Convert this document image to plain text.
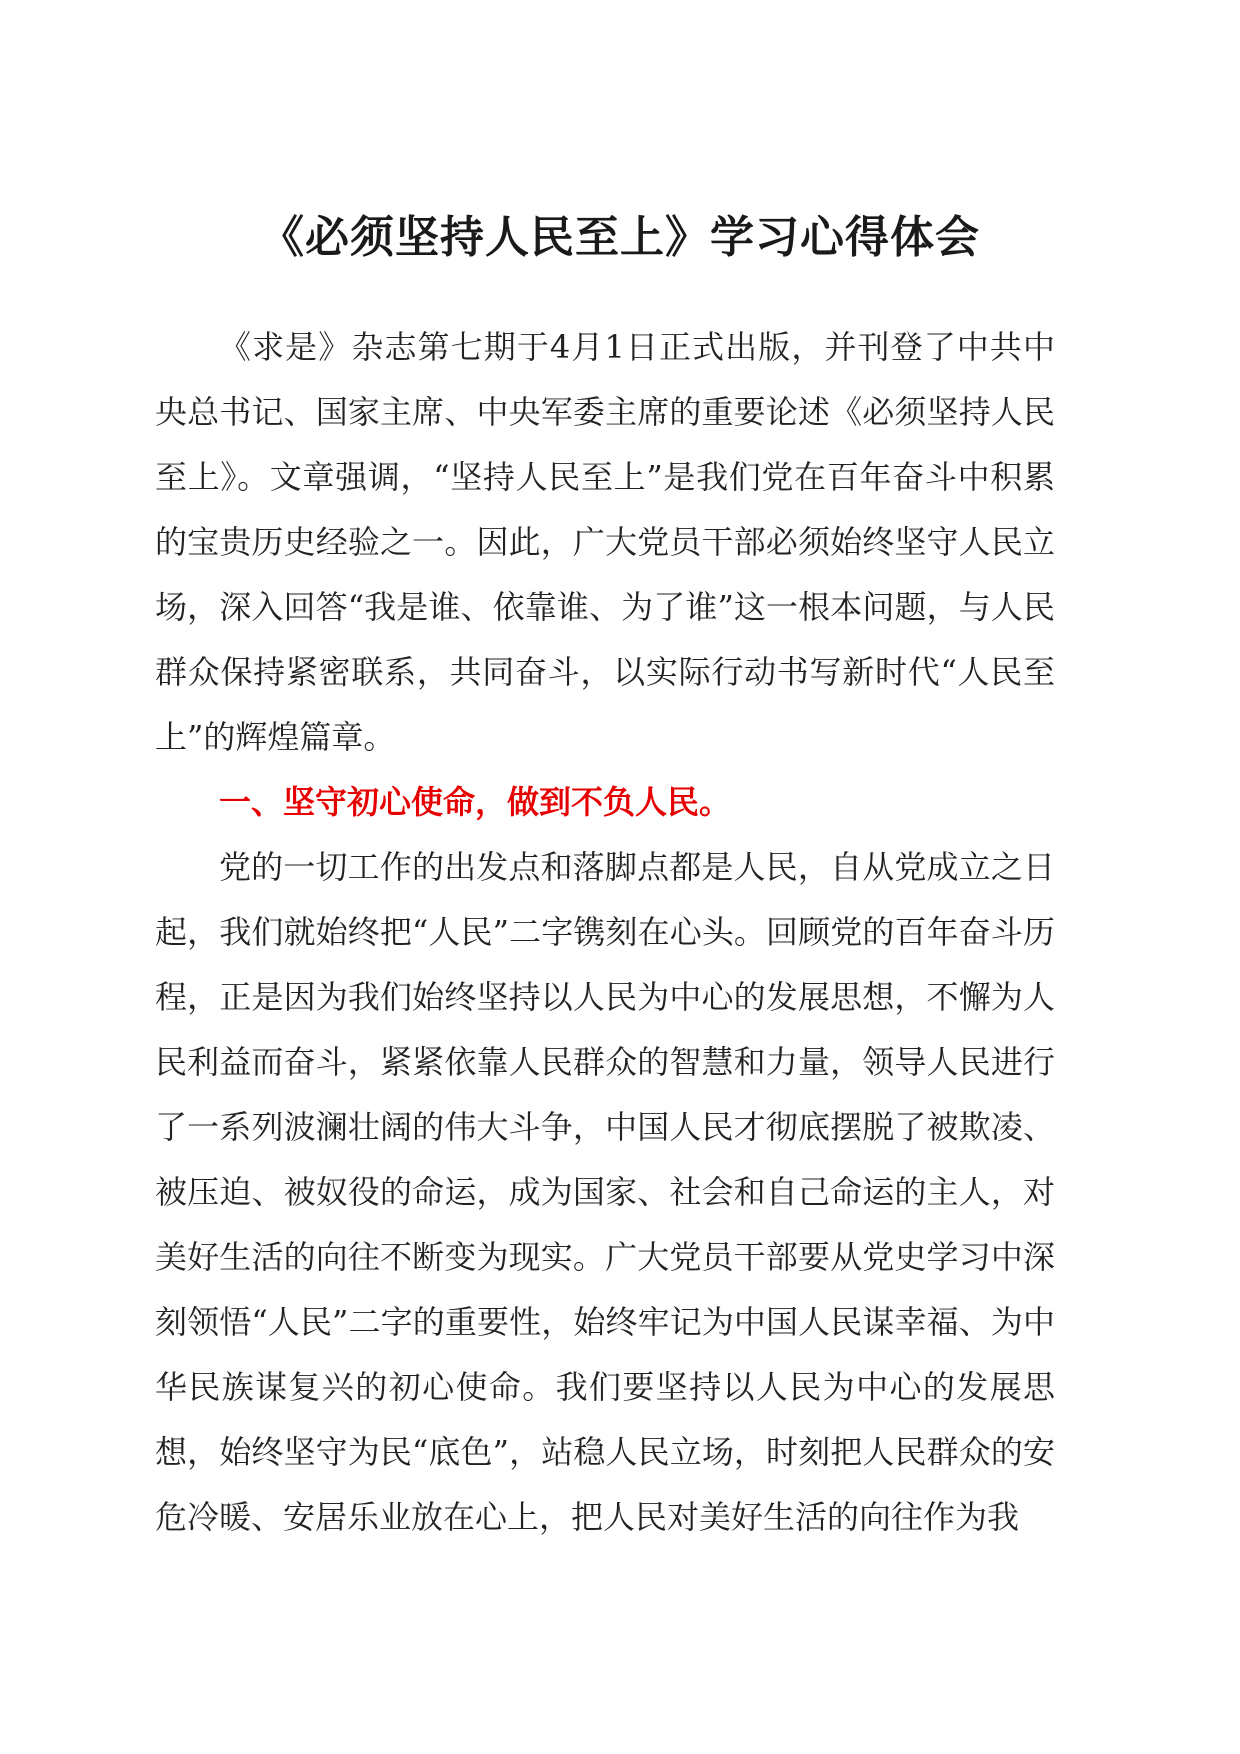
《必须坚持人民至上》学习心得体会

《求是》杂志第七期于4月1日正式出版，并刊登了中共中央总书记、国家主席、中央军委主席的重要论述《必须坚持人民至上》。文章强调，“坚持人民至上”是我们党在百年奋斗中积累的宝贵历史经验之一。因此，广大党员干部必须始终坚守人民立场，深入回答“我是谁、依靠谁、为了谁”这一根本问题，与人民群众保持紧密联系，共同奋斗，以实际行动书写新时代“人民至上”的辉煌篇章。

一、坚守初心使命，做到不负人民。

党的一切工作的出发点和落脚点都是人民，自从党成立之日起，我们就始终把“人民”二字镌刻在心头。回顾党的百年奋斗历程，正是因为我们始终坚持以人民为中心的发展思想，不懈为人民利益而奋斗，紧紧依靠人民群众的智慧和力量，领导人民进行了一系列波澜壮阔的伟大斗争，中国人民才彻底摆脱了被欺凌、被压迫、被奴役的命运，成为国家、社会和自己命运的主人，对美好生活的向往不断变为现实。广大党员干部要从党史学习中深刻领悟“人民”二字的重要性，始终牢记为中国人民谋幸福、为中华民族谋复兴的初心使命。我们要坚持以人民为中心的发展思想，始终坚守为民“底色”，站稳人民立场，时刻把人民群众的安危冷暖、安居乐业放在心上，把人民对美好生活的向往作为我
